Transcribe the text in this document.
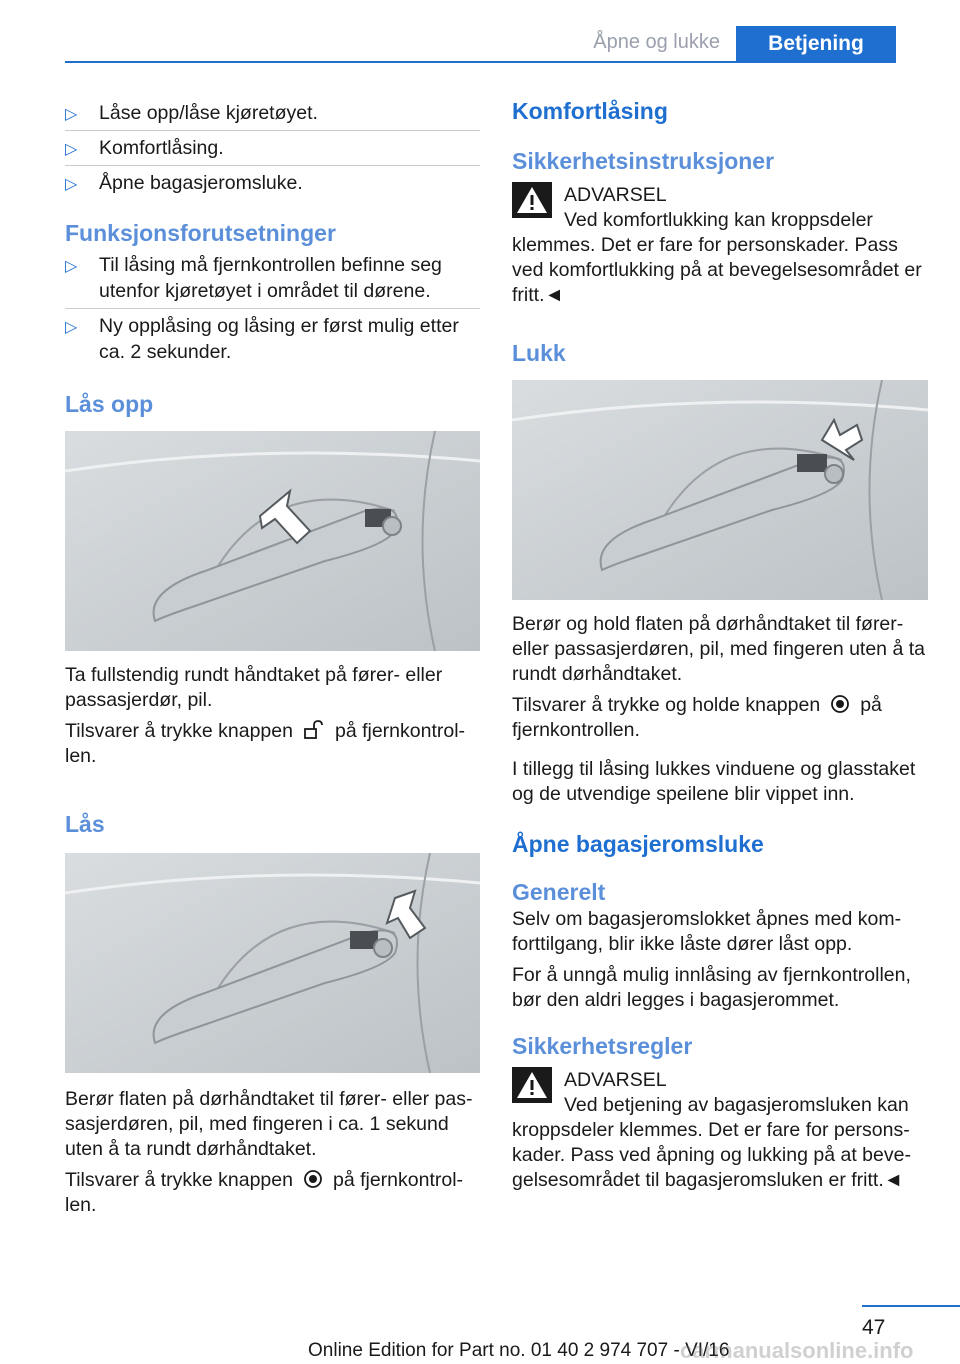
Åpne og lukke	Betjening
▷ Låse opp/låse kjøretøyet.
▷ Komfortlåsing.
▷ Åpne bagasjeromsluke.
Funksjonsforutsetninger
▷ Til låsing må fjernkontrollen befinne seg utenfor kjøretøyet i området til dørene.
▷ Ny opplåsing og låsing er først mulig etter ca. 2 sekunder.
Lås opp

Ta fullstendig rundt håndtaket på fører- eller passasjerdør, pil.

Tilsvarer å trykke knappen på fjernkontrol‐ len.

Lås

Berør flaten på dørhåndtaket til fører- eller pas‐ sasjerdøren, pil, med fingeren i ca. 1 sekund uten å ta rundt dørhåndtaket.

Tilsvarer å trykke knappen på fjernkontrol‐ len.

Komfortlåsing
Sikkerhetsinstruksjoner
ADVARSEL
Ved komfortlukking kan kroppsdeler
klemmes. Det er fare for personskader. Pass ved komfortlukking på at bevegelsesområdet er fritt.◄
Lukk

Berør og hold flaten på dørhåndtaket til fører- eller passasjerdøren, pil, med fingeren uten å ta rundt dørhåndtaket.

Tilsvarer å trykke og holde knappen på fjernkontrollen.

I tillegg til låsing lukkes vinduene og glasstaket og de utvendige speilene blir vippet inn.

Åpne bagasjeromsluke
Generelt

Selv om bagasjeromslokket åpnes med kom‐ forttilgang, blir ikke låste dører låst opp.

For å unngå mulig innlåsing av fjernkontrollen, bør den aldri legges i bagasjerommet.

Sikkerhetsregler
ADVARSEL
Ved betjening av bagasjeromsluken kan
kroppsdeler klemmes. Det er fare for persons‐ kader. Pass ved åpning og lukking på at beve‐ gelsesområdet til bagasjeromsluken er fritt.◄
47
Online Edition for Part no. 01 40 2 974 707 - VI/16
carmanualsonline.info
